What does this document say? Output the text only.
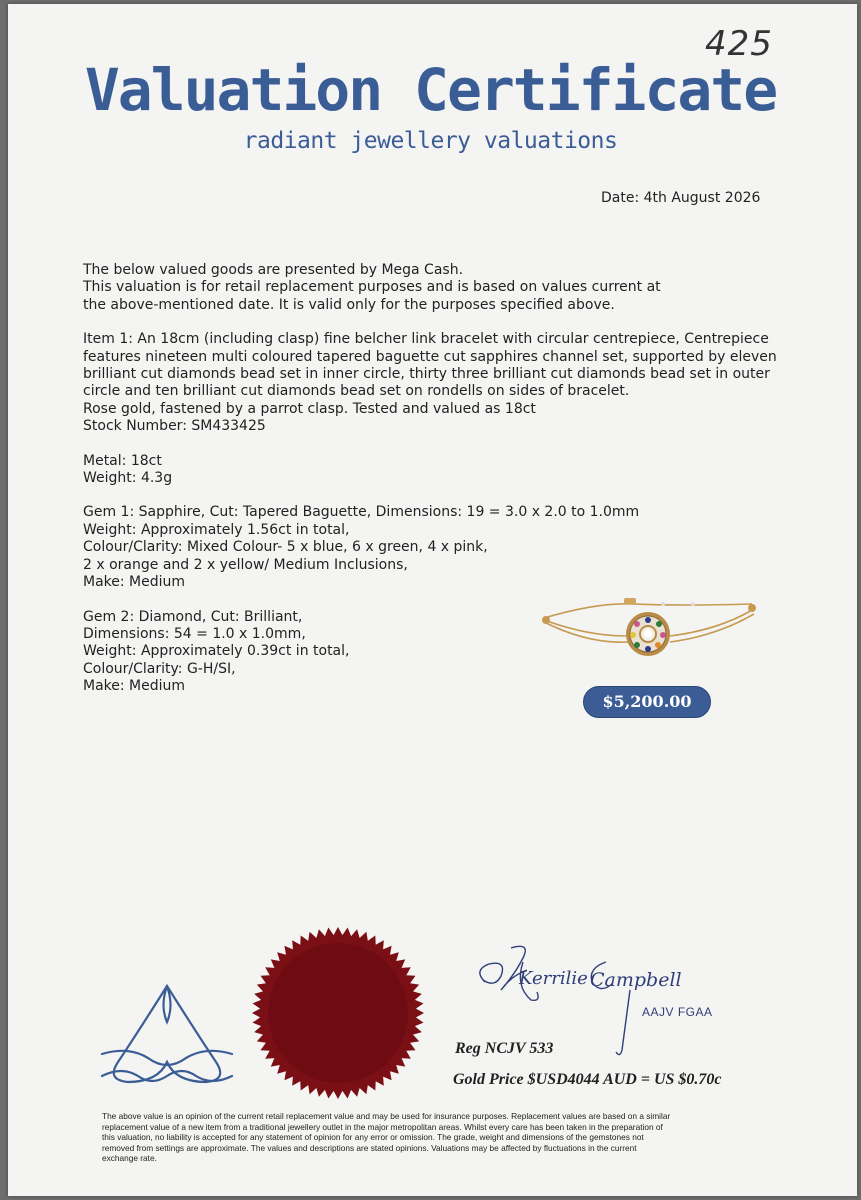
425
Valuation Certificate
radiant jewellery valuations
Date: 4th August 2026
The below valued goods are presented by Mega Cash.
This valuation is for retail replacement purposes and is based on values current at
the above-mentioned date. It is valid only for the purposes specified above.
Item 1: An 18cm (including clasp) fine belcher link bracelet with circular centrepiece, Centrepiece
features nineteen multi coloured tapered baguette cut sapphires channel set, supported by eleven
brilliant cut diamonds bead set in inner circle, thirty three brilliant cut diamonds bead set in outer
circle and ten brilliant cut diamonds bead set on rondells on sides of bracelet.
Rose gold, fastened by a parrot clasp. Tested and valued as 18ct
Stock Number: SM433425
Metal: 18ct
Weight: 4.3g
Gem 1: Sapphire, Cut: Tapered Baguette, Dimensions: 19 = 3.0 x 2.0 to 1.0mm
Weight: Approximately 1.56ct in total,
Colour/Clarity: Mixed Colour- 5 x blue, 6 x green, 4 x pink,
2 x orange and 2 x yellow/ Medium Inclusions,
Make: Medium
Gem 2: Diamond, Cut: Brilliant,
Dimensions: 54 = 1.0 x 1.0mm,
Weight: Approximately 0.39ct in total,
Colour/Clarity: G-H/SI,
Make: Medium
$5,200.00
Kerrilie Campbell
AAJV FGAA
Reg NCJV 533
Gold Price $USD4044 AUD = US $0.70c
The above value is an opinion of the current retail replacement value and may be used for insurance purposes. Replacement values are based on a similar
replacement value of a new item from a traditional jewellery outlet in the major metropolitan areas. Whilst every care has been taken in the preparation of
this valuation, no liability is accepted for any statement of opinion for any error or omission. The grade, weight and dimensions of the gemstones not
removed from settings are approximate. The values and descriptions are stated opinions. Valuations may be affected by fluctuations in the current
exchange rate.
